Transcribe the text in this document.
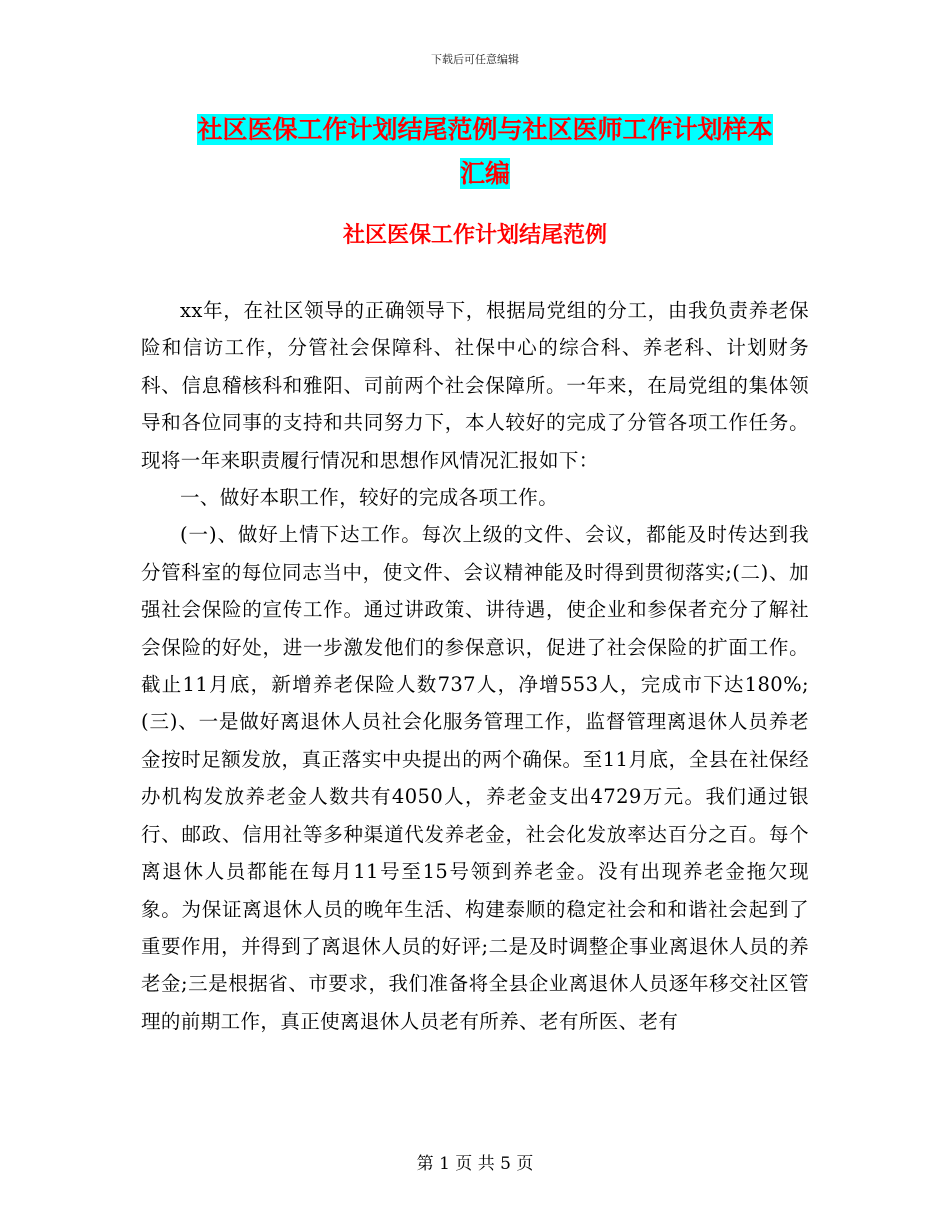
下载后可任意编辑
社区医保工作计划结尾范例与社区医师工作计划样本
汇编
社区医保工作计划结尾范例

xx年，在社区领导的正确领导下，根据局党组的分工，由我负责养老保险和信访工作，分管社会保障科、社保中心的综合科、养老科、计划财务科、信息稽核科和雅阳、司前两个社会保障所。一年来，在局党组的集体领导和各位同事的支持和共同努力下，本人较好的完成了分管各项工作任务。现将一年来职责履行情况和思想作风情况汇报如下：

一、做好本职工作，较好的完成各项工作。

(一)、做好上情下达工作。每次上级的文件、会议，都能及时传达到我分管科室的每位同志当中，使文件、会议精神能及时得到贯彻落实;(二)、加强社会保险的宣传工作。通过讲政策、讲待遇，使企业和参保者充分了解社会保险的好处，进一步激发他们的参保意识，促进了社会保险的扩面工作。截止11月底，新增养老保险人数737人，净增553人，完成市下达180%;(三)、一是做好离退休人员社会化服务管理工作，监督管理离退休人员养老金按时足额发放，真正落实中央提出的两个确保。至11月底，全县在社保经办机构发放养老金人数共有4050人，养老金支出4729万元。我们通过银行、邮政、信用社等多种渠道代发养老金，社会化发放率达百分之百。每个离退休人员都能在每月11号至15号领到养老金。没有出现养老金拖欠现象。为保证离退休人员的晚年生活、构建泰顺的稳定社会和和谐社会起到了重要作用，并得到了离退休人员的好评;二是及时调整企事业离退休人员的养老金;三是根据省、市要求，我们准备将全县企业离退休人员逐年移交社区管理的前期工作，真正使离退休人员老有所养、老有所医、老有

第 1 页 共 5 页
